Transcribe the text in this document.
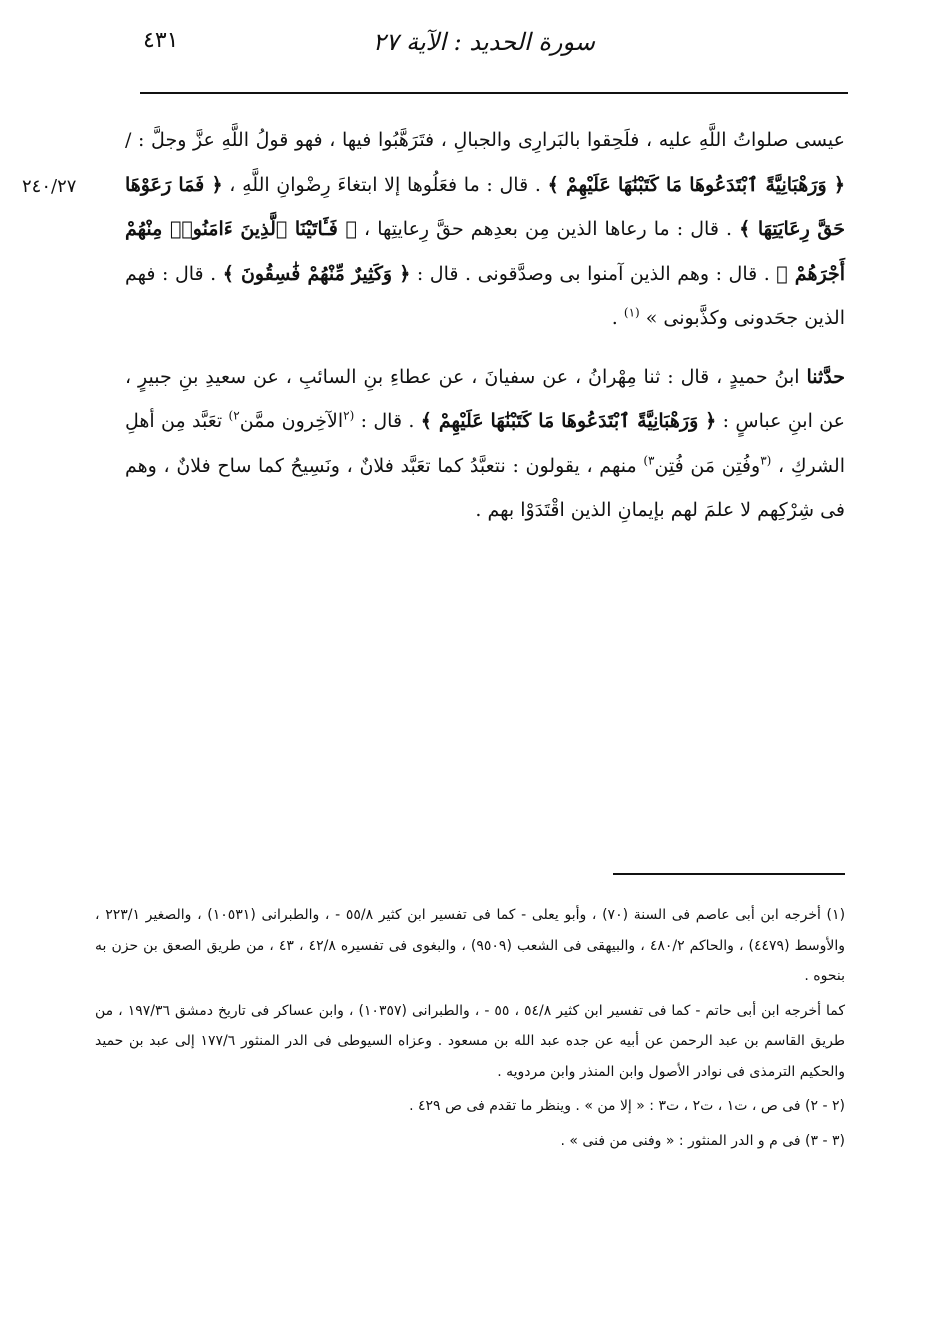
سورة الحديد : الآية ٢٧
٤٣١
٢٤٠/٢٧

عيسى صلواتُ اللَّهِ عليه ، فلَحِقوا بالبَرارِى والجبالِ ، فتَرَهَّبُوا فيها ، فهو قولُ اللَّهِ عزَّ وجلَّ : / ﴿ وَرَهْبَانِيَّةً ٱبْتَدَعُوهَا مَا كَتَبْنَٰهَا عَلَيْهِمْ ﴾ . قال : ما فعَلُوها إلا ابتغاءَ رِضْوانِ اللَّهِ ، ﴿ فَمَا رَعَوْهَا حَقَّ رِعَايَتِهَا ﴾ . قال : ما رعاها الذين مِن بعدِهم حقَّ رِعايتِها ، ﴿ فَـَٔاتَيْنَا ٱلَّذِينَ ءَامَنُوا۟ مِنْهُمْ أَجْرَهُمْ ﴾ . قال : وهم الذين آمنوا بى وصدَّقونى . قال : ﴿ وَكَثِيرٌ مِّنْهُمْ فَٰسِقُونَ ﴾ . قال : فهم الذين جحَدونى وكذَّبونى » $^{(١)}$ .

حدَّثنا ابنُ حميدٍ ، قال : ثنا مِهْرانُ ، عن سفيانَ ، عن عطاءِ بنِ السائبِ ، عن سعيدِ بنِ جبيرٍ ، عن ابنِ عباسٍ : ﴿ وَرَهْبَانِيَّةً ٱبْتَدَعُوهَا مَا كَتَبْنَٰهَا عَلَيْهِمْ ﴾ . قال : $^{(٢}$الآخِرون ممَّن$^{٢)}$ تعَبَّد مِن أهلِ الشركِ ، $^{(٣}$وفُتِن مَن فُتِن$^{٣)}$ منهم ، يقولون : نتعبَّدُ كما تعَبَّد فلانٌ ، ونَسِيحُ كما ساح فلانٌ ، وهم فى شِرْكِهم لا علمَ لهم بإيمانِ الذين اقْتَدَوْا بهم .

(١) أخرجه ابن أبى عاصم فى السنة (٧٠) ، وأبو يعلى - كما فى تفسير ابن كثير ٥٥/٨ - ، والطبرانى (١٠٥٣١) ، والصغير ٢٢٣/١ ، والأوسط (٤٤٧٩) ، والحاكم ٤٨٠/٢ ، والبيهقى فى الشعب (٩٥٠٩) ، والبغوى فى تفسيره ٤٢/٨ ، ٤٣ ، من طريق الصعق بن حزن به بنحوه .

كما أخرجه ابن أبى حاتم - كما فى تفسير ابن كثير ٥٤/٨ ، ٥٥ - ، والطبرانى (١٠٣٥٧) ، وابن عساكر فى تاريخ دمشق ١٩٧/٣٦ ، من طريق القاسم بن عبد الرحمن عن أبيه عن جده عبد الله بن مسعود . وعزاه السيوطى فى الدر المنثور ١٧٧/٦ إلى عبد بن حميد والحكيم الترمذى فى نوادر الأصول وابن المنذر وابن مردويه .

(٢ - ٢) فى ص ، ت١ ، ت٢ ، ت٣ : « إلا من » . وينظر ما تقدم فى ص ٤٢٩ .

(٣ - ٣) فى م و الدر المنثور : « وفنى من فنى » .
